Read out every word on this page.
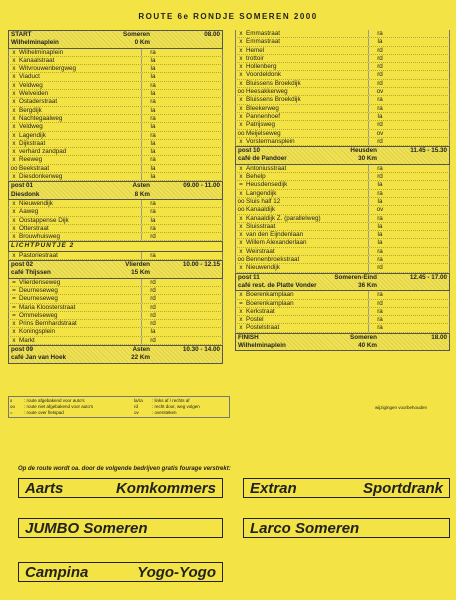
ROUTE 6e RONDJE SOMEREN 2000
START	Someren	08.00
Wilhelminaplein	0 Km
x Wilhelminaplein	ra
x Kanaalstraat	la
x Witvrouwenbergweg	la
x Viaduct	la
x Veldweg	ra
x Welveiden	la
x Ostaderstraat	ra
x Bergdijk	la
x Nachtegaalweg	ra
x Veldweg	la
x Lagendijk	ra
x Dijkstraat	la
x verhard zandpad	la
x Reeweg	ra
oo Beekstraat	la
x Diesdonkerweg	la
post 01	Asten	09.00 - 11.00
Diesdonk	8 Km
x Nieuwendijk	ra
x Aaweg	ra
x Oostappense Dijk	la
x Otterstraat	ra
x Brouwhuisweg	rd
LICHTPUNTJE 2
x Pastoriestraat	ra
post 02	Vlierden	10.00 - 12.15
café Thijssen	15 Km
= Vlierdenseweg	rd
= Deurneseweg	rd
= Deurneseweg	rd
= Maria Kloosterstraat	rd
= Ommelseweg	rd
x Prins Bernhardstraat	rd
x Koningsplein	la
x Markt	rd
post 09	Asten	10.30 - 14.00
café Jan van Hoek	22 Km
x Emmastraat	ra
x Emmastraat	la
x Hemel	rd
x trottoir	rd
x Hollenberg	rd
x Voordeldonk	rd
x Bluissens Broekdijk	rd
oo Heesakkerweg	ov
x Bluissens Broekdijk	ra
x Bleekerweg	ra
x Pannenhoef	la
x Patrijsweg	rd
oo Meijelseweg	ov
x Vorstermansplein	rd
post 10	Heusden	11.45 - 15.30
café de Pandoer	30 Km
x Antoniusstraat	ra
x Behelp	rd
= Heusdensedijk	la
x Langendijk	ra
oo Sluis half 12	la
oo Kanaaldijk	ov
x Kanaaldijk Z. (paralleIweg)	ra
x Sluisstraat	la
x van den Eijndenlaan	la
x Willem Alexanderlaan	la
x Weirstraat	ra
oo Bennenbroekstraat	ra
x Nieuwendijk	rd
post 11	Someren-Eind	12.45 - 17.00
café rest. de Platte Vonder	36 Km
x Boerenkamplaan	ra
= Boerenkamplaan	rd
x Kerkstraat	ra
x Postel	ra
x Postelstraat	ra
FINISH	Someren	18.00
Wilhelminaplein	40 Km
x	: route afgebakend voor auto's	la/ra	: links af / rechts af
oo	: route niet afgebakend voor auto's	rd	: recht door, weg volgen
=	: route over fietspad	ov	: oversteken
wijzigingen voorbehouden
Op de route wordt oa. door de volgende bedrijven gratis fourage verstrekt:
Aarts	Komkommers Extran	Sportdrank
JUMBO Someren	Larco Someren
Campina	Yogo-Yogo
